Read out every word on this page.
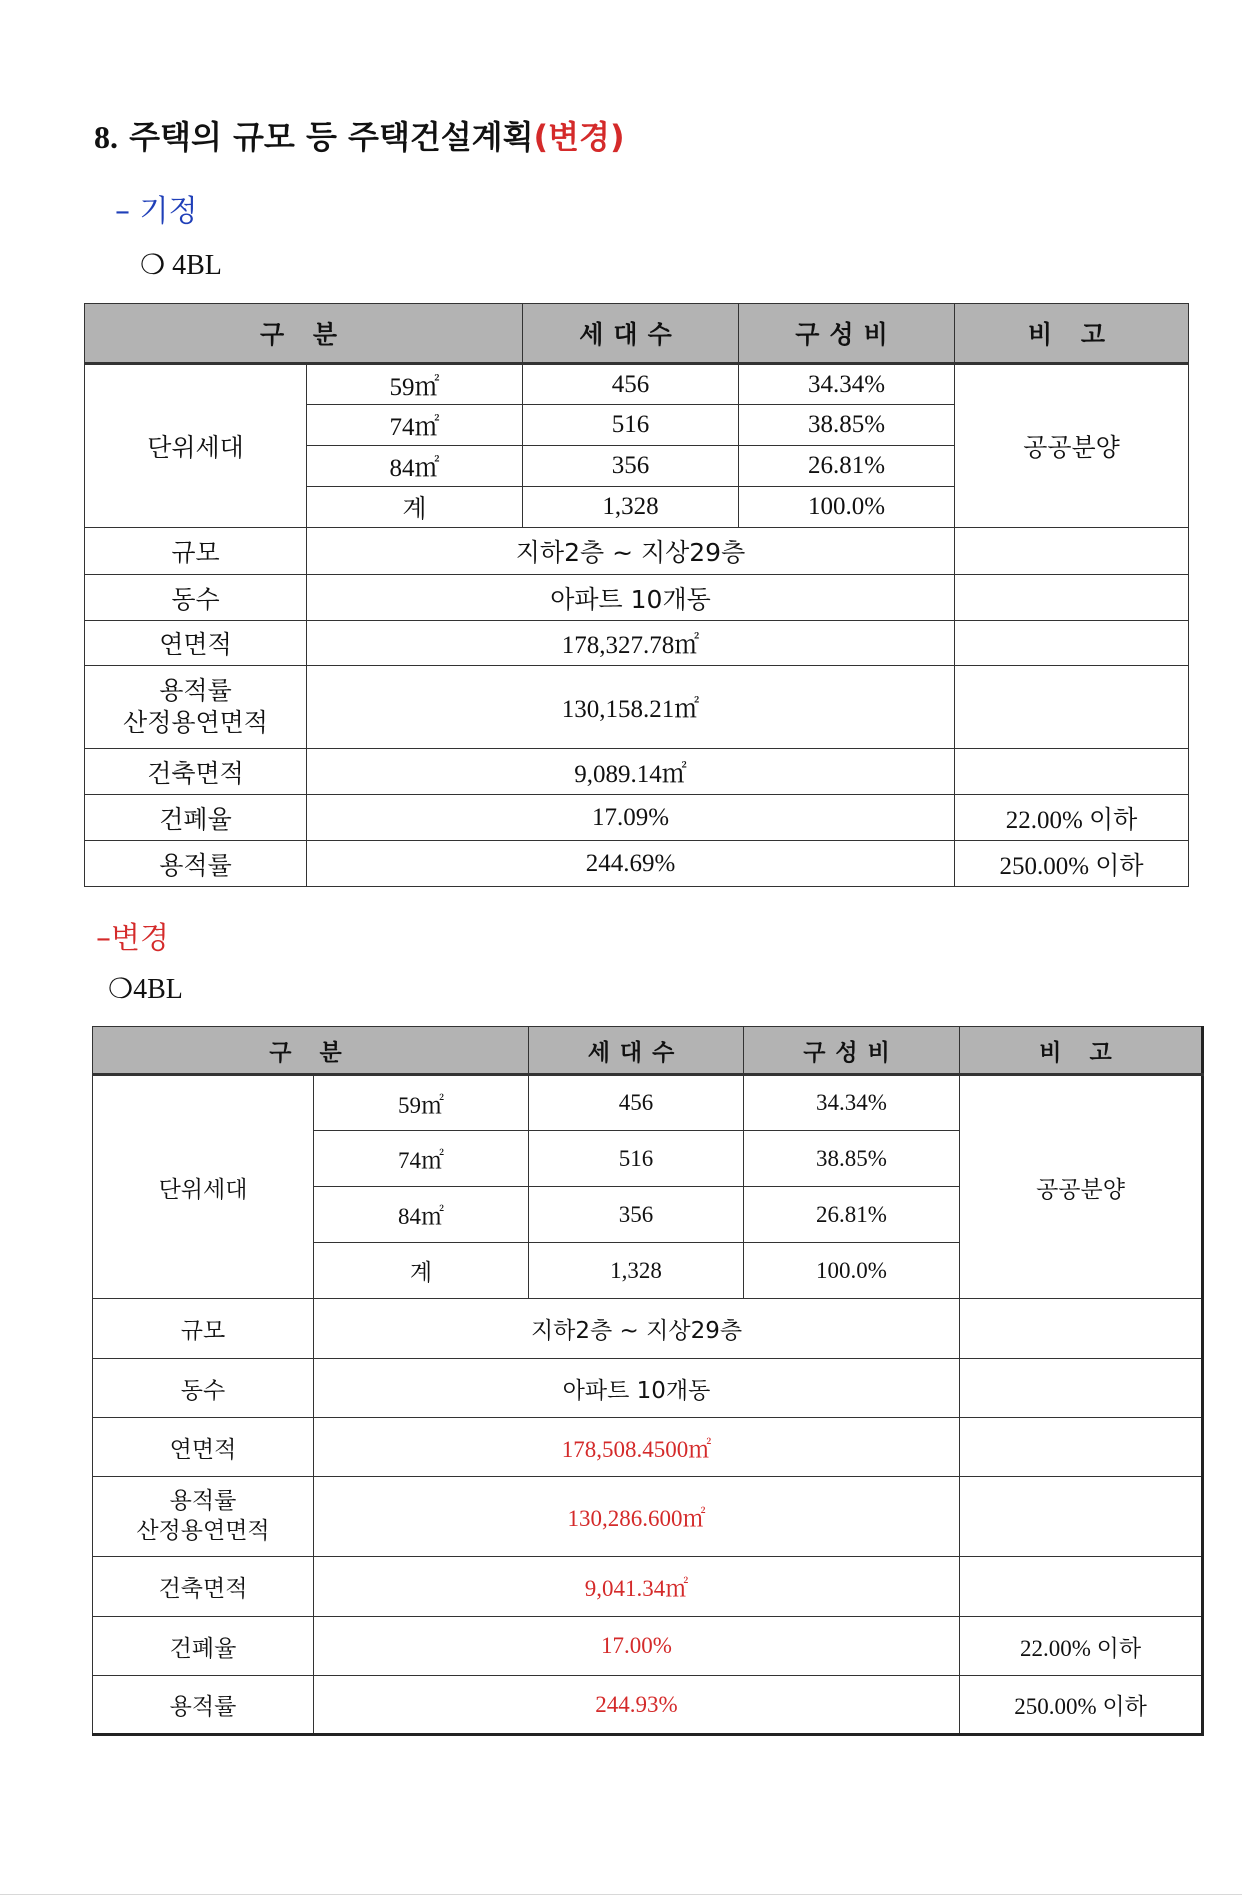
8. 주택의 규모 등 주택건설계획(변경)

– 기정

❍ 4BL

구 분		세대수	구성비	비 고
단위세대	59㎡	456	34.34%	공공분양
	74㎡	516	38.85%	
	84㎡	356	26.81%	
	계	1,328	100.0%	
규모	지하2층 ~ 지상29층			
동수	아파트 10개동			
연면적	178,327.78㎡			
용적률
산정용연면적	130,158.21㎡			
건축면적	9,089.14㎡			
건폐율	17.09%			22.00% 이하
용적률	244.69%			250.00% 이하

–변경

❍4BL

구 분		세대수	구성비	비 고
단위세대	59㎡	456	34.34%	공공분양
	74㎡	516	38.85%	
	84㎡	356	26.81%	
	계	1,328	100.0%	
규모	지하2층 ~ 지상29층			
동수	아파트 10개동			
연면적	178,508.4500㎡			
용적률
산정용연면적	130,286.600㎡			
건축면적	9,041.34㎡			
건폐율	17.00%			22.00% 이하
용적률	244.93%			250.00% 이하
